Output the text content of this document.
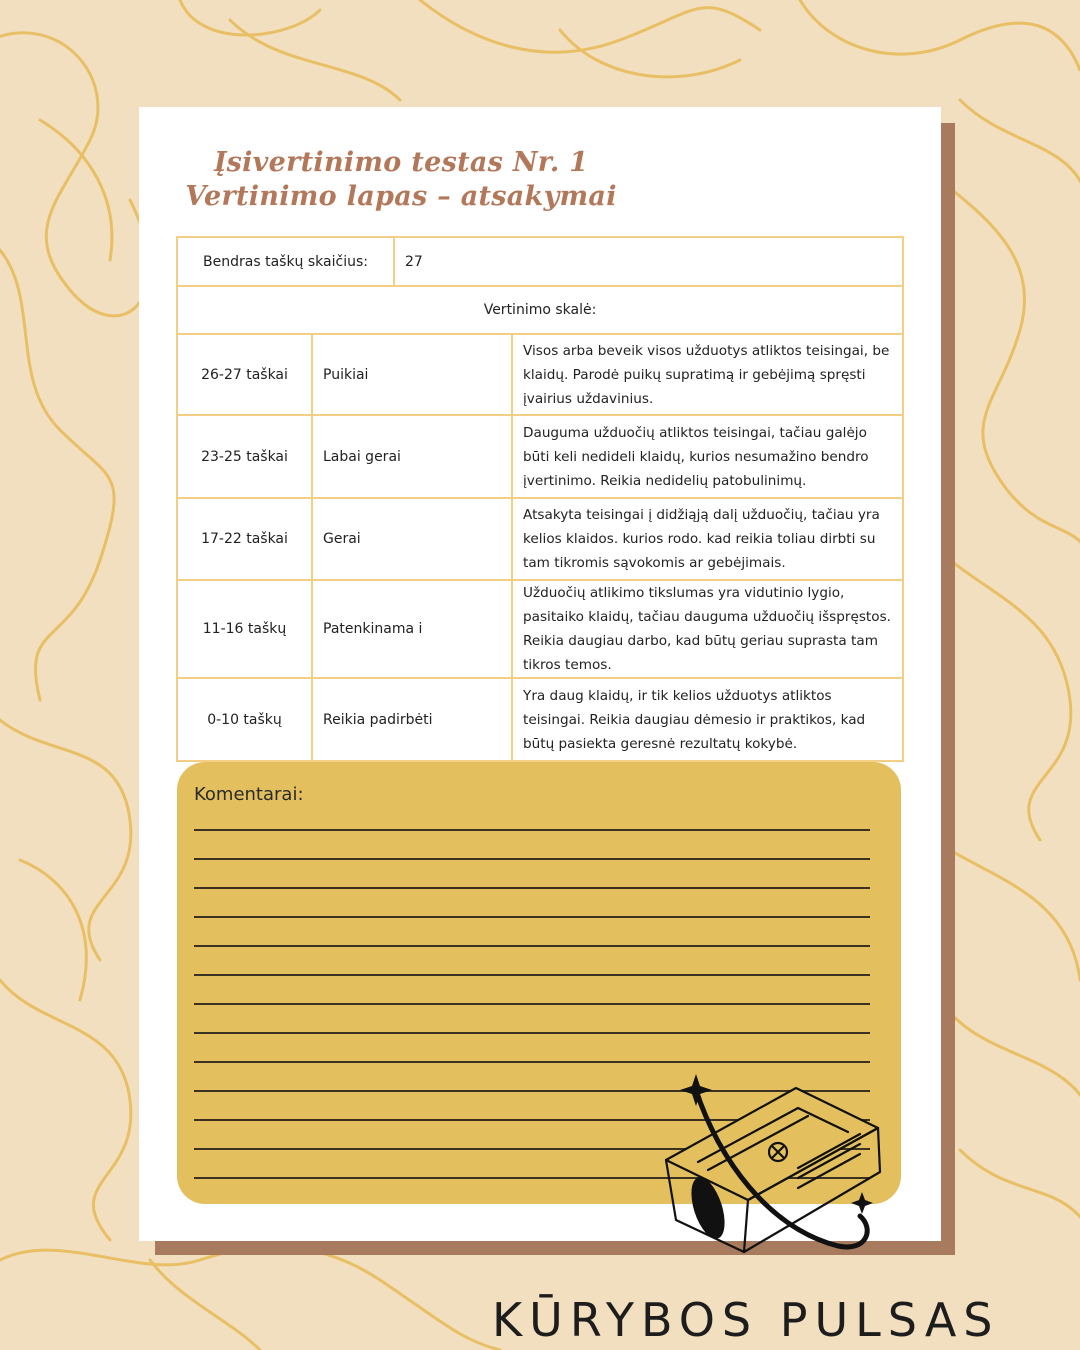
Įsivertinimo testas Nr. 1
Vertinimo lapas – atsakymai
Bendras taškų skaičius:		27	
Vertinimo skalė:			
26-27 taškai	Puikiai		Visos arba beveik visos užduotys atliktos teisingai, be klaidų. Parodė puikų supratimą ir gebėjimą spręsti įvairius uždavinius.
23-25 taškai	Labai gerai		Dauguma užduočių atliktos teisingai, tačiau galėjo būti keli nedideli klaidų, kurios nesumažino bendro įvertinimo. Reikia nedidelių patobulinimų.
17-22 taškai	Gerai		Atsakyta teisingai į didžiąją dalį užduočių, tačiau yra kelios klaidos. kurios rodo. kad reikia toliau dirbti su tam tikromis sąvokomis ar gebėjimais.
11-16 taškų	Patenkinama i		Užduočių atlikimo tikslumas yra vidutinio lygio, pasitaiko klaidų, tačiau dauguma užduočių išspręstos. Reikia daugiau darbo, kad būtų geriau suprasta tam tikros temos.
0-10 taškų	Reikia padirbėti		Yra daug klaidų, ir tik kelios užduotys atliktos teisingai. Reikia daugiau dėmesio ir praktikos, kad būtų pasiekta geresnė rezultatų kokybė.
Komentarai:
KŪRYBOS PULSAS
